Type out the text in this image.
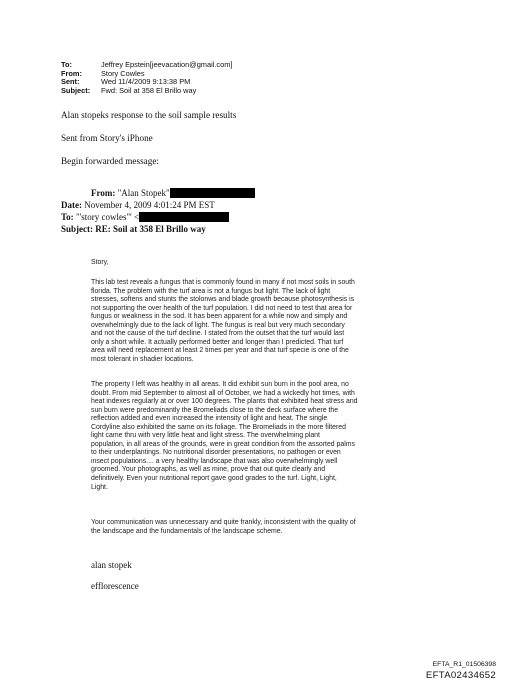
To:	Jeffrey Epstein[jeevacation@gmail.com]
From:	Story Cowles
Sent:	Wed 11/4/2009 9:13:38 PM
Subject:	Fwd: Soil at 358 El Brillo way
Alan stopeks response to the soil sample results
Sent from Story's iPhone
Begin forwarded message:
From: "Alan Stopek"
Date: November 4, 2009 4:01:24 PM EST
To: "'story cowles'" <
Subject: RE: Soil at 358 El Brillo way
Story,
This lab test reveals a fungus that is commonly found in many if not most soils in south
florida. The problem with the turf area is not a fungus but light. The lack of light
stresses, softens and stunts the stolonws and blade growth because photosynthesis is
not supporting the over health of the turf population. I did not need to test that area for
fungus or weakness in the sod. It has been apparent for a while now and simply and
overwhelmingly due to the lack of light. The fungus is real but very much secondary
and not the cause of the turf decline. I stated from the outset that the turf would last
only a short while. It actually performed better and longer than I predicted. That turf
area will need replacement at least 2 times per year and that turf specie is one of the
most tolerant in shadier locations.
The property I left was healthy in all areas. It did exhibit sun burn in the pool area, no
doubt. From mid September to almost all of October, we had a wickedly hot times, with
heat indexes regularly at or over 100 degrees. The plants that exhibited heat stress and
sun burn were predominantly the Bromeliads close to the deck surface where the
reflection added and even increased the intensity of light and heat. The single
Cordyline also exhibited the same on its foliage. The Bromeliads in the more filtered
light came thru with very little heat and light stress. The overwhelming plant
population, in all areas of the grounds, were in great condition from the assorted palms
to their underplantings. No nutritional disorder presentations, no pathogen or even
insect populations.... a very healthy landscape that was also overwhelmingly well
groomed. Your photographs, as well as mine, prove that out quite clearly and
definitively. Even your nutritional report gave good grades to the turf. Light, Light,
Light.
Your communication was unnecessary and quite frankly, inconsistent with the quality of
the landscape and the fundamentals of the landscape scheme.
alan stopek
efflorescence
EFTA_R1_01506398
EFTA02434652
